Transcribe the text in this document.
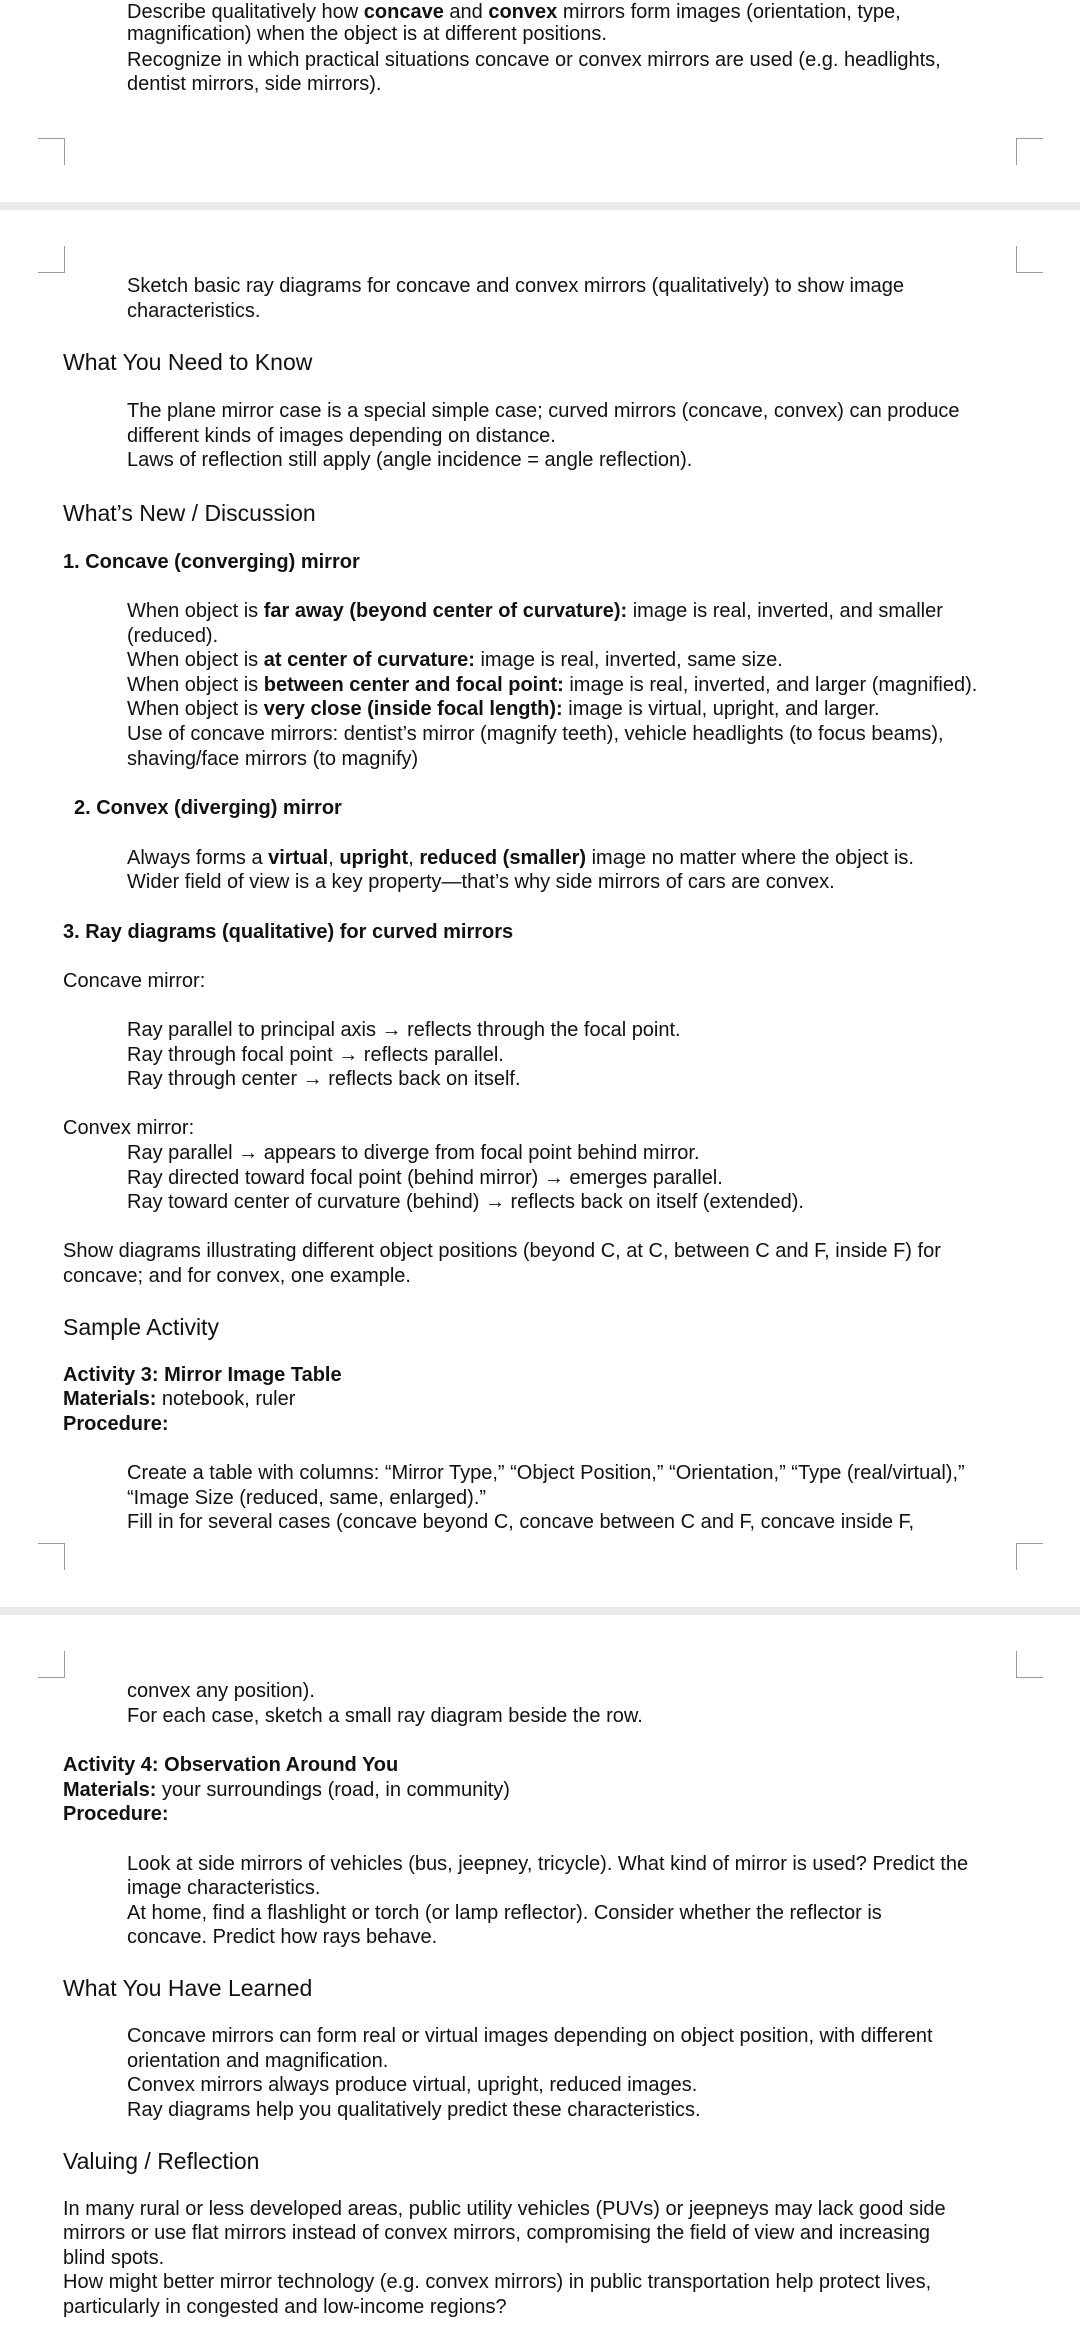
Describe qualitatively how concave and convex mirrors form images (orientation, type,

magnification) when the object is at different positions.

Recognize in which practical situations concave or convex mirrors are used (e.g. headlights,

dentist mirrors, side mirrors).

Sketch basic ray diagrams for concave and convex mirrors (qualitatively) to show image

characteristics.

What You Need to Know

The plane mirror case is a special simple case; curved mirrors (concave, convex) can produce

different kinds of images depending on distance.

Laws of reflection still apply (angle incidence = angle reflection).

What’s New / Discussion
1. Concave (converging) mirror

When object is far away (beyond center of curvature): image is real, inverted, and smaller

(reduced).

When object is at center of curvature: image is real, inverted, same size.

When object is between center and focal point: image is real, inverted, and larger (magnified).

When object is very close (inside focal length): image is virtual, upright, and larger.

Use of concave mirrors: dentist’s mirror (magnify teeth), vehicle headlights (to focus beams),

shaving/face mirrors (to magnify)

2. Convex (diverging) mirror

Always forms a virtual, upright, reduced (smaller) image no matter where the object is.

Wider field of view is a key property—that’s why side mirrors of cars are convex.

3. Ray diagrams (qualitative) for curved mirrors

Concave mirror:

Ray parallel to principal axis → reflects through the focal point.

Ray through focal point → reflects parallel.

Ray through center → reflects back on itself.

Convex mirror:

Ray parallel → appears to diverge from focal point behind mirror.

Ray directed toward focal point (behind mirror) → emerges parallel.

Ray toward center of curvature (behind) → reflects back on itself (extended).

Show diagrams illustrating different object positions (beyond C, at C, between C and F, inside F) for

concave; and for convex, one example.

Sample Activity

Activity 3: Mirror Image Table

Materials: notebook, ruler

Procedure:

Create a table with columns: “Mirror Type,” “Object Position,” “Orientation,” “Type (real/virtual),”

“Image Size (reduced, same, enlarged).”

Fill in for several cases (concave beyond C, concave between C and F, concave inside F,

convex any position).

For each case, sketch a small ray diagram beside the row.

Activity 4: Observation Around You

Materials: your surroundings (road, in community)

Procedure:

Look at side mirrors of vehicles (bus, jeepney, tricycle). What kind of mirror is used? Predict the

image characteristics.

At home, find a flashlight or torch (or lamp reflector). Consider whether the reflector is

concave. Predict how rays behave.

What You Have Learned

Concave mirrors can form real or virtual images depending on object position, with different

orientation and magnification.

Convex mirrors always produce virtual, upright, reduced images.

Ray diagrams help you qualitatively predict these characteristics.

Valuing / Reflection

In many rural or less developed areas, public utility vehicles (PUVs) or jeepneys may lack good side

mirrors or use flat mirrors instead of convex mirrors, compromising the field of view and increasing

blind spots.

How might better mirror technology (e.g. convex mirrors) in public transportation help protect lives,

particularly in congested and low-income regions?
